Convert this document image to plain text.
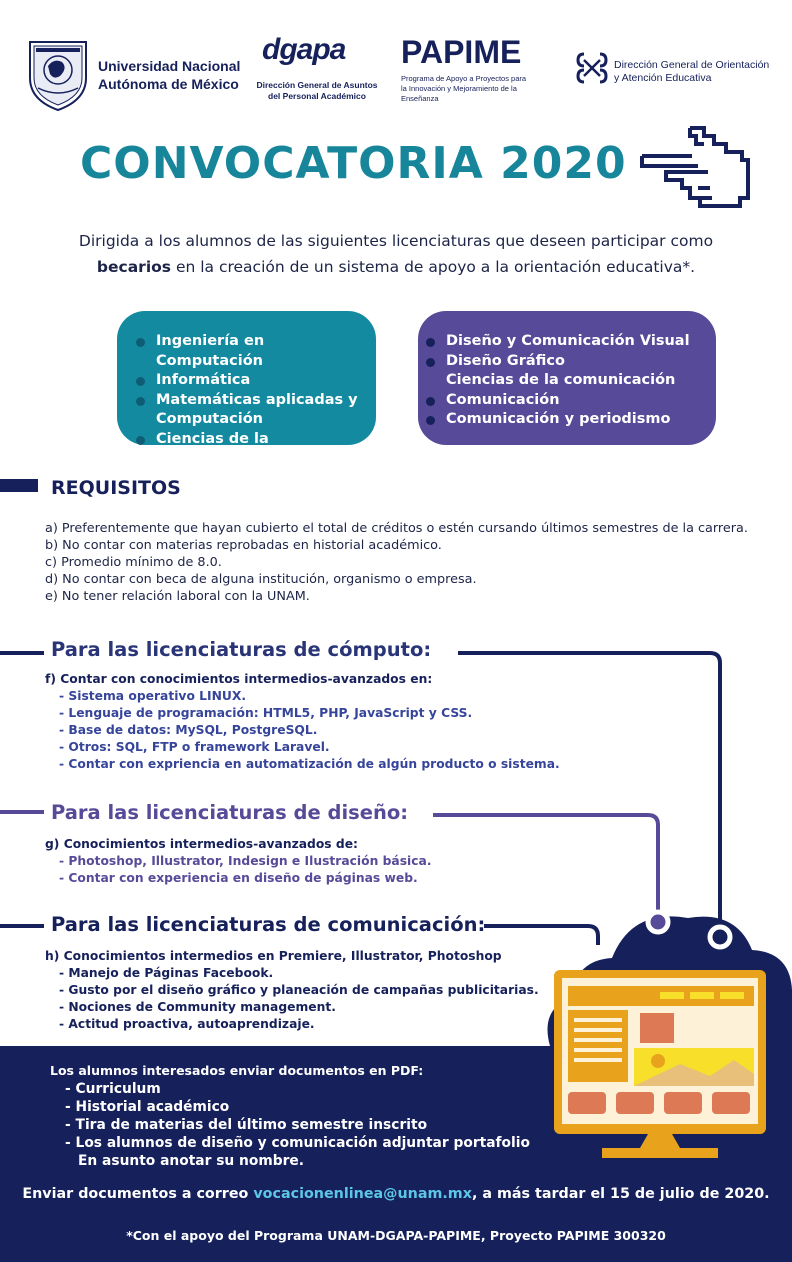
Universidad Nacional
Autónoma de México
dgapa
Dirección General de Asuntos
del Personal Académico
PAPIME
Programa de Apoyo a Proyectos para
la Innovación y Mejoramiento de la
Enseñanza
Dirección General de Orientación
y Atención Educativa
CONVOCATORIA 2020
Dirigida a los alumnos de las siguientes licenciaturas que deseen participar como
becarios en la creación de un sistema de apoyo a la orientación educativa*.
Ingeniería en Computación
Informática
Matemáticas aplicadas y
Computación
Ciencias de la Computación
Diseño y Comunicación Visual
Diseño Gráfico
Ciencias de la comunicación
Comunicación
Comunicación y periodismo
REQUISITOS
a) Preferentemente que hayan cubierto el total de créditos o estén cursando últimos semestres de la carrera.
b) No contar con materias reprobadas en historial académico.
c) Promedio mínimo de 8.0.
d) No contar con beca de alguna institución, organismo o empresa.
e) No tener relación laboral con la UNAM.
Para las licenciaturas de cómputo:
f) Contar con conocimientos intermedios-avanzados en:
- Sistema operativo LINUX.
- Lenguaje de programación: HTML5, PHP, JavaScript y CSS.
- Base de datos: MySQL, PostgreSQL.
- Otros: SQL, FTP o framework Laravel.
- Contar con expriencia en automatización de algún producto o sistema.
Para las licenciaturas de diseño:
g) Conocimientos intermedios-avanzados de:
- Photoshop, Illustrator, Indesign e Ilustración básica.
- Contar con experiencia en diseño de páginas web.
Para las licenciaturas de comunicación:
h) Conocimientos intermedios en Premiere, Illustrator, Photoshop
- Manejo de Páginas Facebook.
- Gusto por el diseño gráfico y planeación de campañas publicitarias.
- Nociones de Community management.
- Actitud proactiva, autoaprendizaje.
Los alumnos interesados enviar documentos en PDF:
- Curriculum
- Historial académico
- Tira de materias del último semestre inscrito
- Los alumnos de diseño y comunicación adjuntar portafolio
En asunto anotar su nombre.
Enviar documentos a correo vocacionenlinea@unam.mx, a más tardar el 15 de julio de 2020.
*Con el apoyo del Programa UNAM-DGAPA-PAPIME, Proyecto PAPIME 300320
